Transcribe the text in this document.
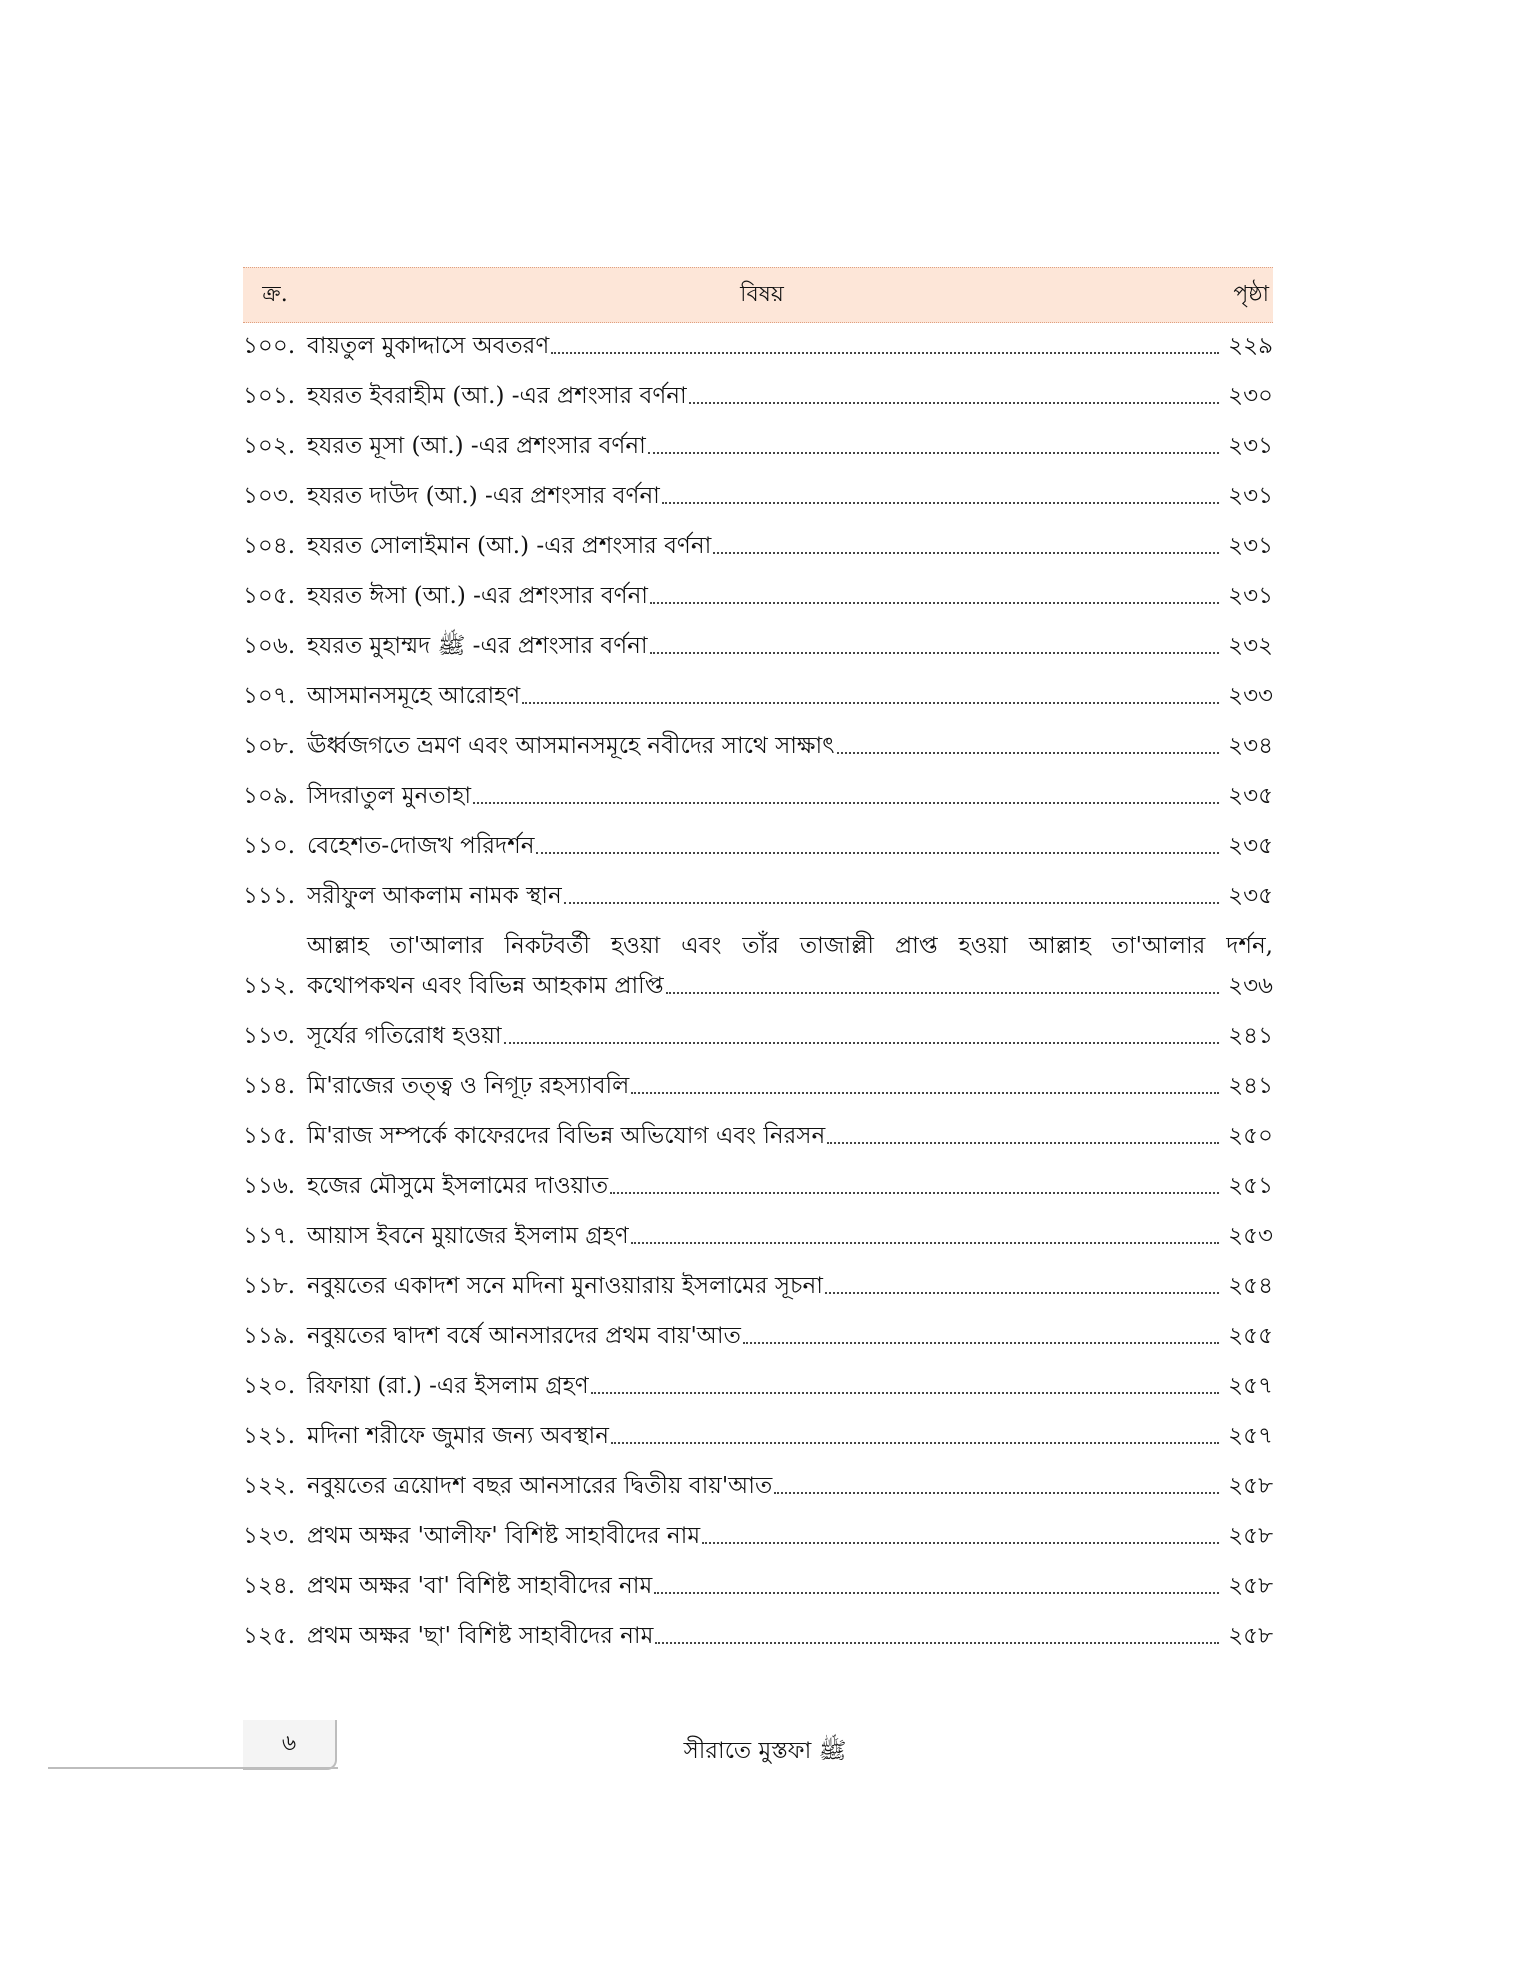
ক্র.	বিষয়	পৃষ্ঠা
১০০. বায়তুল মুকাদ্দাসে অবতরণ	২২৯
১০১. হযরত ইবরাহীম (আ.) -এর প্রশংসার বর্ণনা	২৩০
১০২. হযরত মূসা (আ.) -এর প্রশংসার বর্ণনা	২৩১
১০৩. হযরত দাউদ (আ.) -এর প্রশংসার বর্ণনা	২৩১
১০৪. হযরত সোলাইমান (আ.) -এর প্রশংসার বর্ণনা	২৩১
১০৫. হযরত ঈসা (আ.) -এর প্রশংসার বর্ণনা	২৩১
১০৬. হযরত মুহাম্মদ ﷺ -এর প্রশংসার বর্ণনা	২৩২
১০৭. আসমানসমূহে আরোহণ	২৩৩
১০৮. ঊর্ধ্বজগতে ভ্রমণ এবং আসমানসমূহে নবীদের সাথে সাক্ষাৎ	২৩৪
১০৯. সিদরাতুল মুনতাহা	২৩৫
১১০. বেহেশত-দোজখ পরিদর্শন	২৩৫
১১১. সরীফুল আকলাম নামক স্থান	২৩৫
১১২.
আল্লাহ তা'আলার নিকটবর্তী হওয়া এবং তাঁর তাজাল্লী প্রাপ্ত হওয়া আল্লাহ তা'আলার দর্শন,
কথোপকথন এবং বিভিন্ন আহকাম প্রাপ্তি	২৩৬
১১৩. সূর্যের গতিরোধ হওয়া	২৪১
১১৪. মি'রাজের তত্ত্ব ও নিগূঢ় রহস্যাবলি	২৪১
১১৫. মি'রাজ সম্পর্কে কাফেরদের বিভিন্ন অভিযোগ এবং নিরসন	২৫০
১১৬. হজের মৌসুমে ইসলামের দাওয়াত	২৫১
১১৭. আয়াস ইবনে মুয়াজের ইসলাম গ্রহণ	২৫৩
১১৮. নবুয়তের একাদশ সনে মদিনা মুনাওয়ারায় ইসলামের সূচনা	২৫৪
১১৯. নবুয়তের দ্বাদশ বর্ষে আনসারদের প্রথম বায়'আত	২৫৫
১২০. রিফায়া (রা.) -এর ইসলাম গ্রহণ	২৫৭
১২১. মদিনা শরীফে জুমার জন্য অবস্থান	২৫৭
১২২. নবুয়তের ত্রয়োদশ বছর আনসারের দ্বিতীয় বায়'আত	২৫৮
১২৩. প্রথম অক্ষর 'আলীফ' বিশিষ্ট সাহাবীদের নাম	২৫৮
১২৪. প্রথম অক্ষর 'বা' বিশিষ্ট সাহাবীদের নাম	২৫৮
১২৫. প্রথম অক্ষর 'ছা' বিশিষ্ট সাহাবীদের নাম	২৫৮
৬	সীরাতে মুস্তফা ﷺ
